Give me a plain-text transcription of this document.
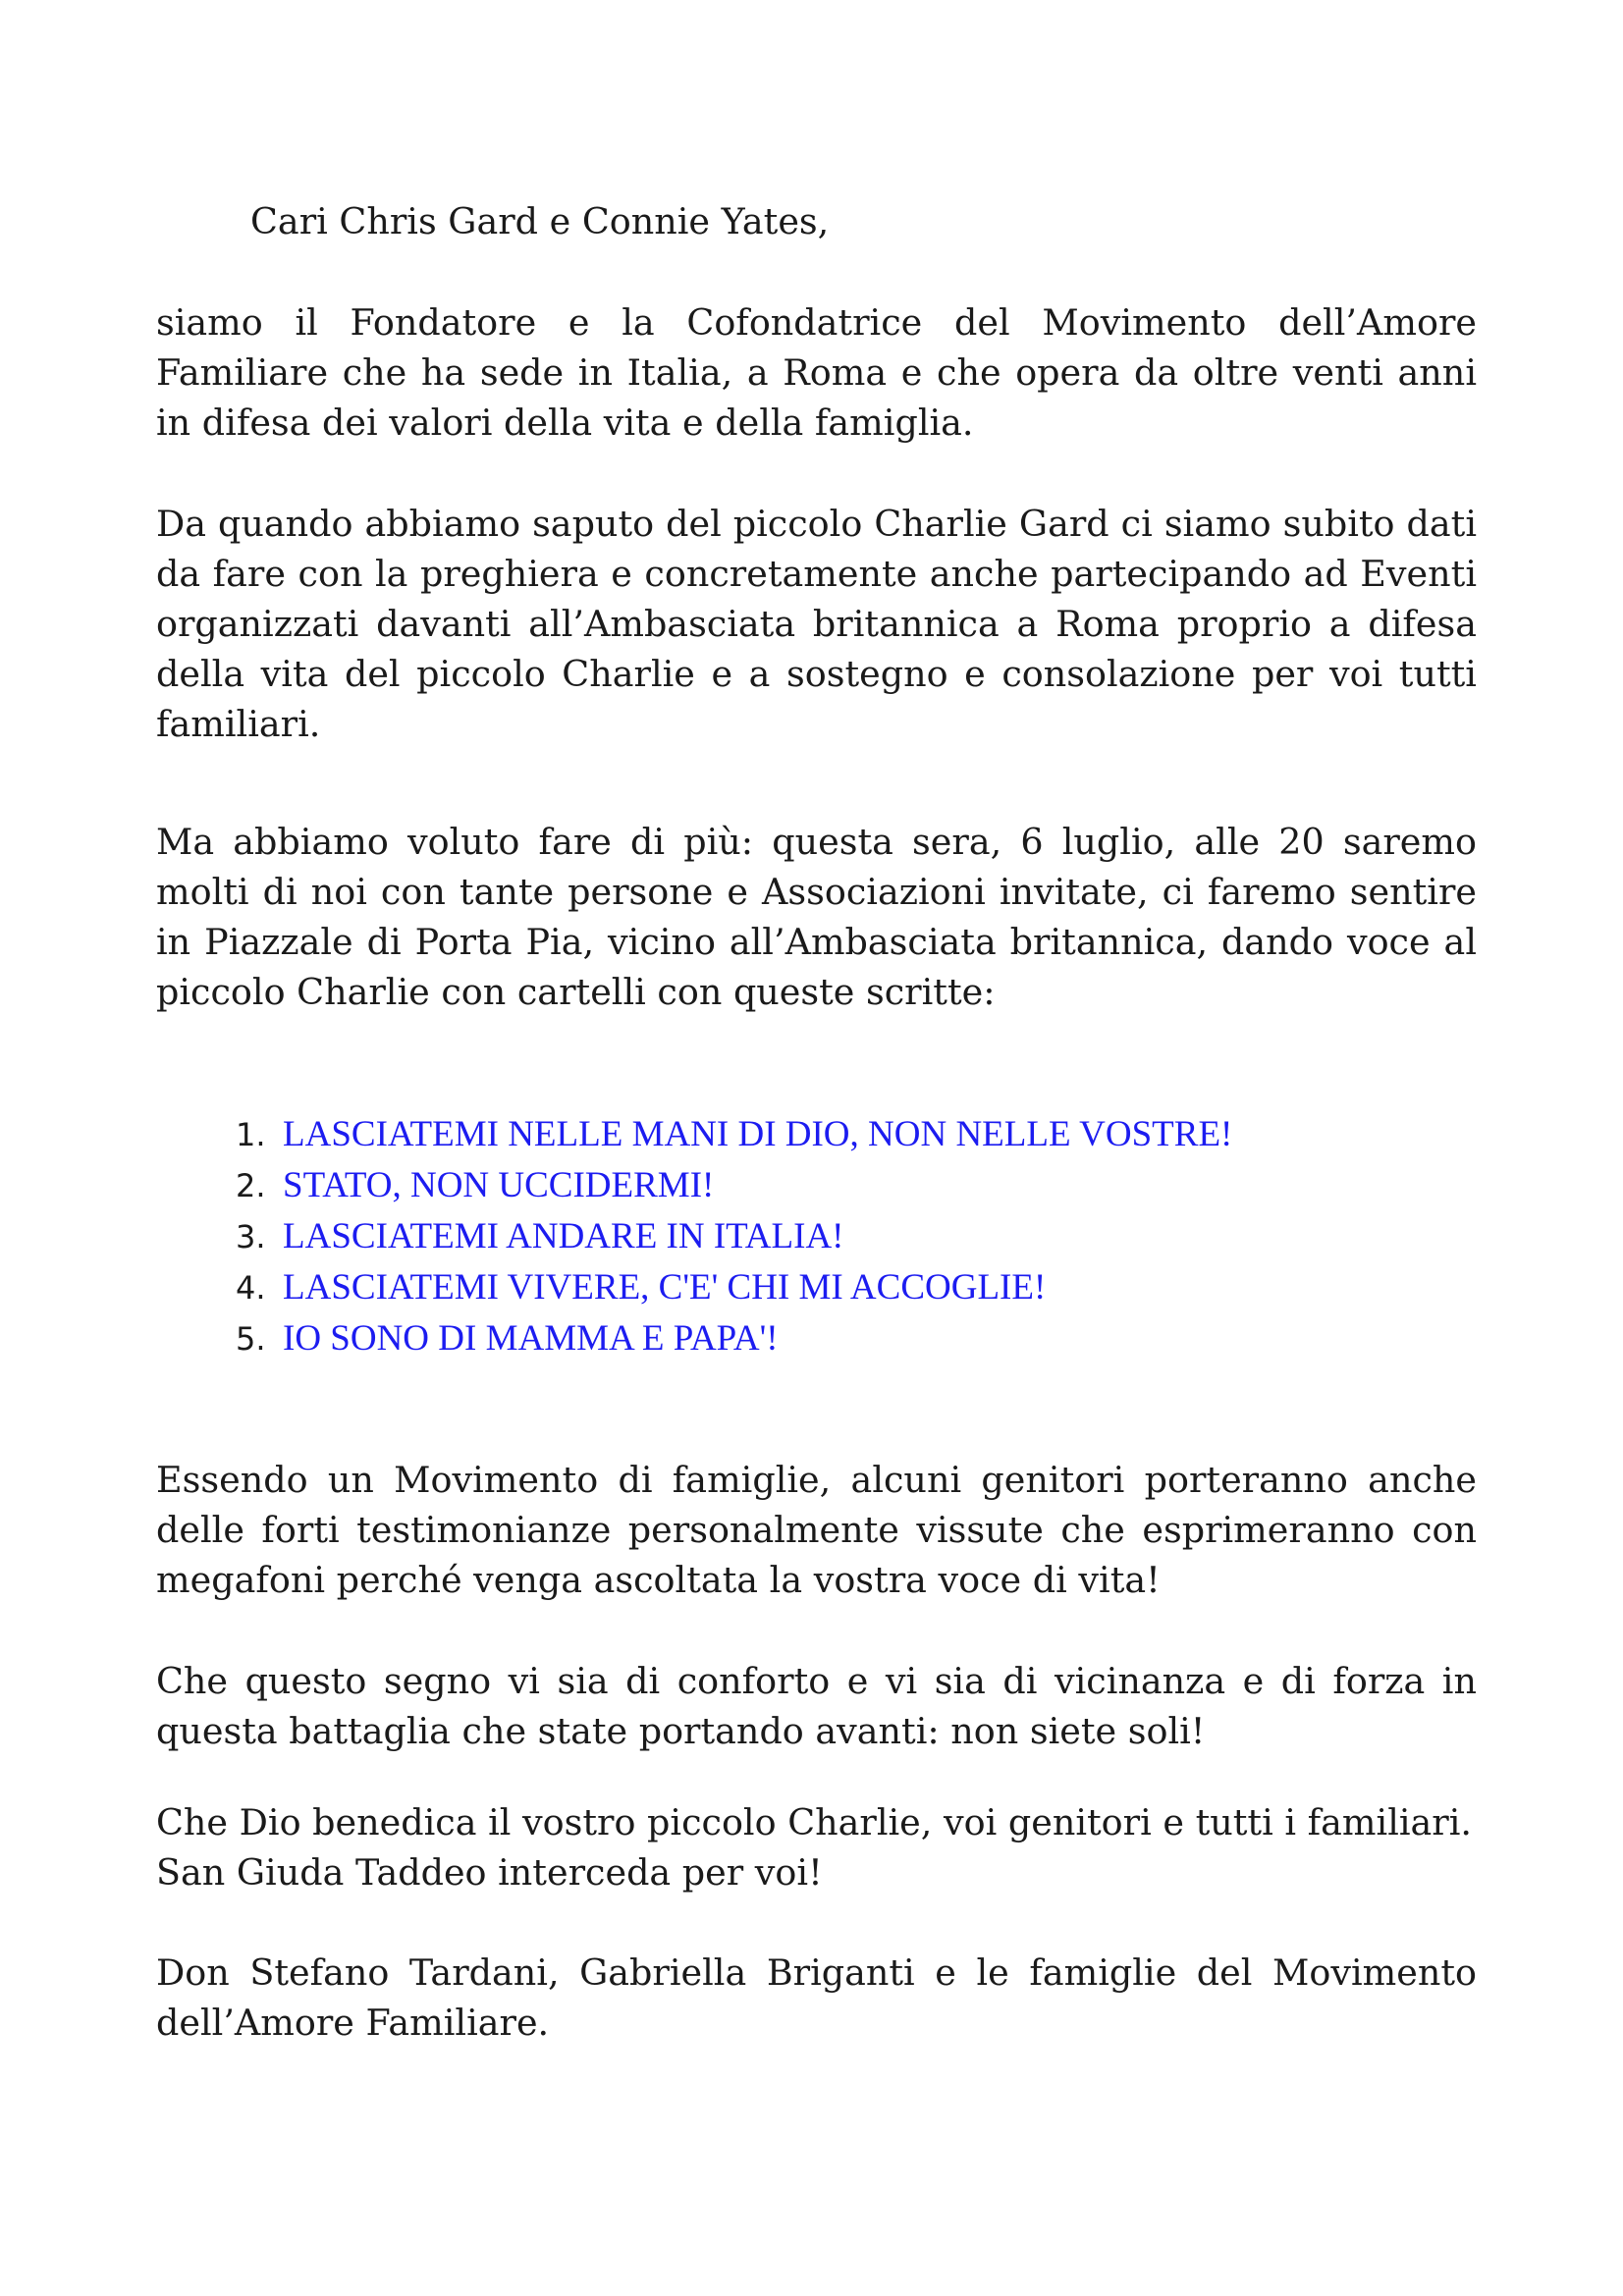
Cari Chris Gard e Connie Yates,

siamo il Fondatore e la Cofondatrice del Movimento dell’Amore Familiare che ha sede in Italia, a Roma e che opera da oltre venti anni in difesa dei valori della vita e della famiglia.

Da quando abbiamo saputo del piccolo Charlie Gard ci siamo subito dati da fare con la preghiera e concretamente anche partecipando ad Eventi organizzati davanti all’Ambasciata britannica a Roma proprio a difesa della vita del piccolo Charlie e a sostegno e consolazione per voi tutti familiari.

Ma abbiamo voluto fare di più: questa sera, 6 luglio, alle 20 saremo molti di noi con tante persone e Associazioni invitate, ci faremo sentire in Piazzale di Porta Pia, vicino all’Ambasciata britannica, dando voce al piccolo Charlie con cartelli con queste scritte:

1. LASCIATEMI NELLE MANI DI DIO, NON NELLE VOSTRE!
2. STATO, NON UCCIDERMI!
3. LASCIATEMI ANDARE IN ITALIA!
4. LASCIATEMI VIVERE, C'E' CHI MI ACCOGLIE!
5. IO SONO DI MAMMA E PAPA'!

Essendo un Movimento di famiglie, alcuni genitori porteranno anche delle forti testimonianze personalmente vissute che esprimeranno con megafoni perché venga ascoltata la vostra voce di vita!

Che questo segno vi sia di conforto e vi sia di vicinanza e di forza in questa battaglia che state portando avanti: non siete soli!

Che Dio benedica il vostro piccolo Charlie, voi genitori e tutti i familiari.
San Giuda Taddeo interceda per voi!

Don Stefano Tardani, Gabriella Briganti e le famiglie del Movimento dell’Amore Familiare.
